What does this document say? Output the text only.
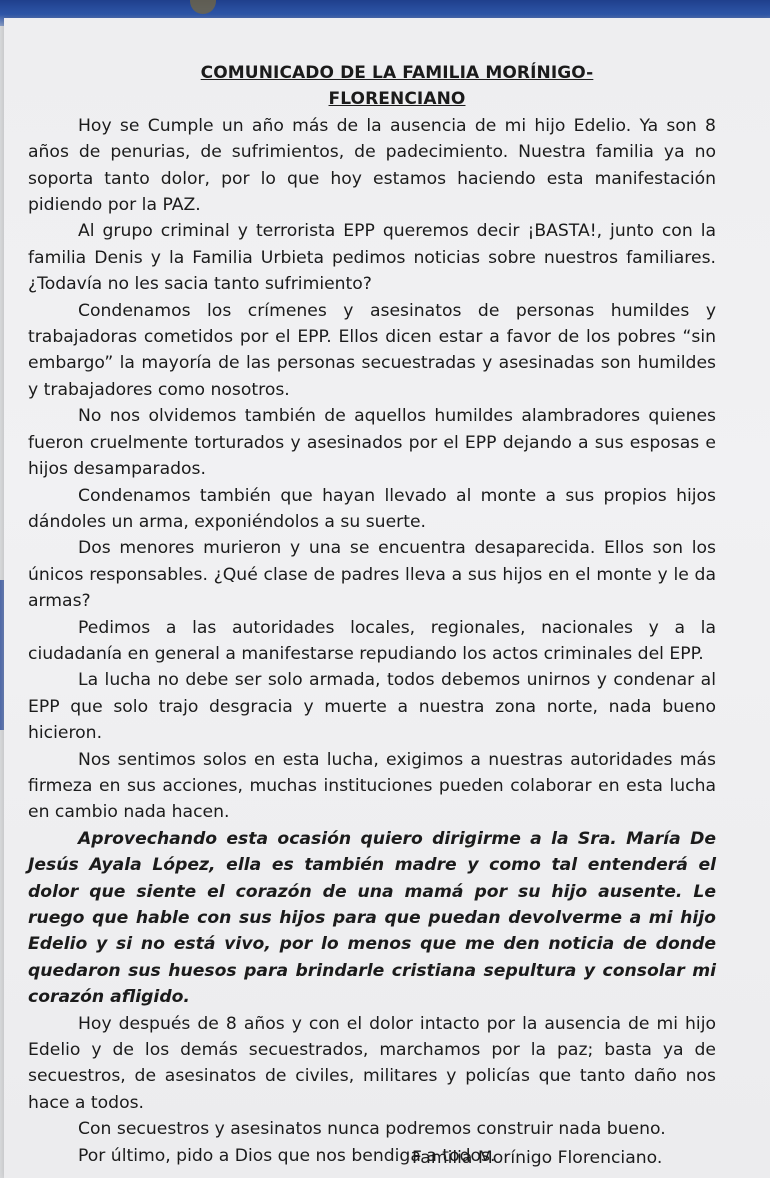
COMUNICADO DE LA FAMILIA MORÍNIGO- FLORENCIANO

Hoy se Cumple un año más de la ausencia de mi hijo Edelio. Ya son 8 años de penurias, de sufrimientos, de padecimiento. Nuestra familia ya no soporta tanto dolor, por lo que hoy estamos haciendo esta manifestación pidiendo por la PAZ.

Al grupo criminal y terrorista EPP queremos decir ¡BASTA!, junto con la familia Denis y la Familia Urbieta pedimos noticias sobre nuestros familiares. ¿Todavía no les sacia tanto sufrimiento?

Condenamos los crímenes y asesinatos de personas humildes y trabajadoras cometidos por el EPP. Ellos dicen estar a favor de los pobres “sin embargo” la mayoría de las personas secuestradas y asesinadas son humildes y trabajadores como nosotros.

No nos olvidemos también de aquellos humildes alambradores quienes fueron cruelmente torturados y asesinados por el EPP dejando a sus esposas e hijos desamparados.

Condenamos también que hayan llevado al monte a sus propios hijos dándoles un arma, exponiéndolos a su suerte.

Dos menores murieron y una se encuentra desaparecida. Ellos son los únicos responsables. ¿Qué clase de padres lleva a sus hijos en el monte y le da armas?

Pedimos a las autoridades locales, regionales, nacionales y a la ciudadanía en general a manifestarse repudiando los actos criminales del EPP.

La lucha no debe ser solo armada, todos debemos unirnos y condenar al EPP que solo trajo desgracia y muerte a nuestra zona norte, nada bueno hicieron.

Nos sentimos solos en esta lucha, exigimos a nuestras autoridades más firmeza en sus acciones, muchas instituciones pueden colaborar en esta lucha en cambio nada hacen.

Aprovechando esta ocasión quiero dirigirme a la Sra. María De Jesús Ayala López, ella es también madre y como tal entenderá el dolor que siente el corazón de una mamá por su hijo ausente. Le ruego que hable con sus hijos para que puedan devolverme a mi hijo Edelio y si no está vivo, por lo menos que me den noticia de donde quedaron sus huesos para brindarle cristiana sepultura y consolar mi corazón afligido.

Hoy después de 8 años y con el dolor intacto por la ausencia de mi hijo Edelio y de los demás secuestrados, marchamos por la paz; basta ya de secuestros, de asesinatos de civiles, militares y policías que tanto daño nos hace a todos.

Con secuestros y asesinatos nunca podremos construir nada bueno.

Por último, pido a Dios que nos bendiga a todos.

Familia Morínigo Florenciano.
